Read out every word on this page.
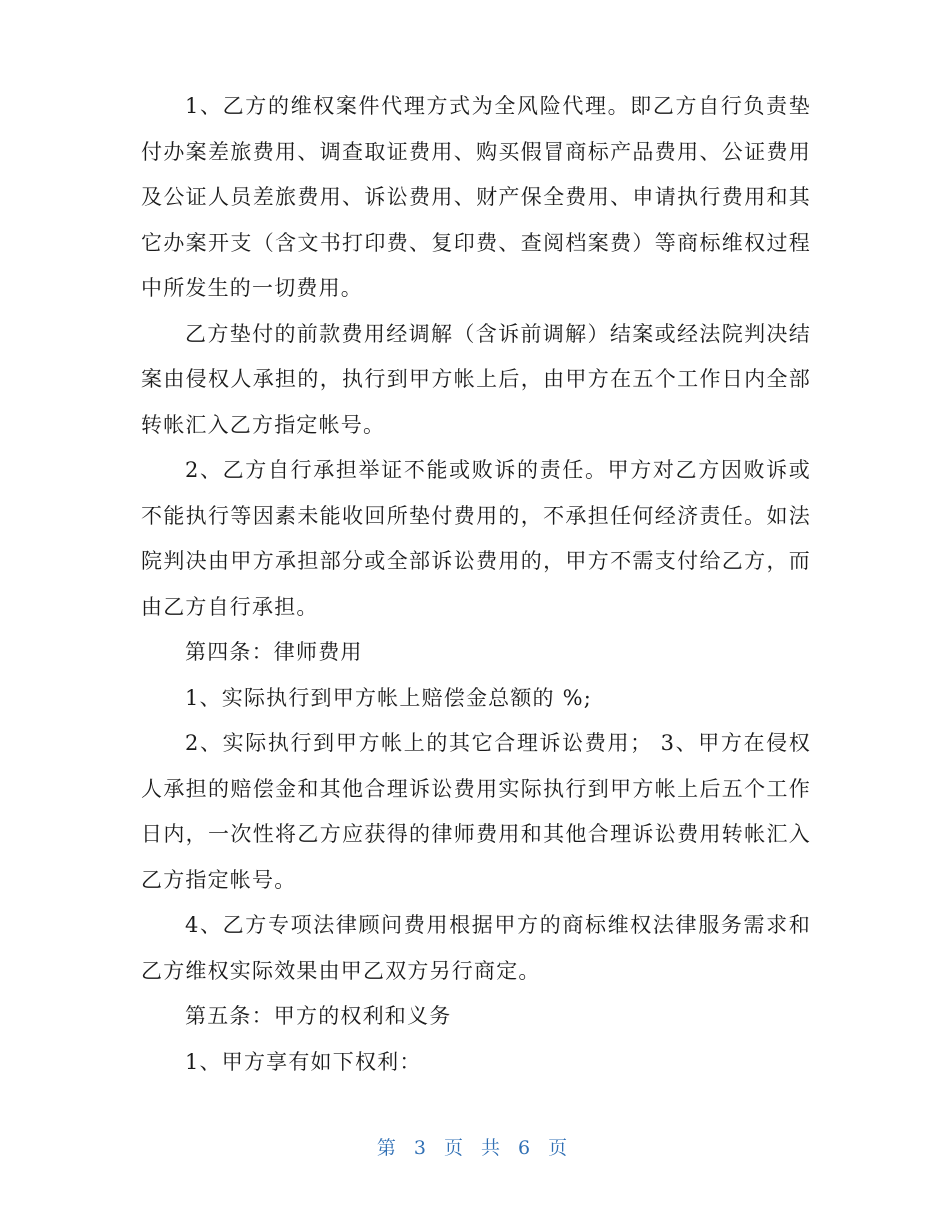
1、乙方的维权案件代理方式为全风险代理。即乙方自行负责垫付办案差旅费用、调查取证费用、购买假冒商标产品费用、公证费用及公证人员差旅费用、诉讼费用、财产保全费用、申请执行费用和其它办案开支（含文书打印费、复印费、查阅档案费）等商标维权过程中所发生的一切费用。

乙方垫付的前款费用经调解（含诉前调解）结案或经法院判决结案由侵权人承担的，执行到甲方帐上后，由甲方在五个工作日内全部转帐汇入乙方指定帐号。

2、乙方自行承担举证不能或败诉的责任。甲方对乙方因败诉或不能执行等因素未能收回所垫付费用的，不承担任何经济责任。如法院判决由甲方承担部分或全部诉讼费用的，甲方不需支付给乙方，而由乙方自行承担。

第四条：律师费用

1、实际执行到甲方帐上赔偿金总额的 %;

2、实际执行到甲方帐上的其它合理诉讼费用； 3、甲方在侵权人承担的赔偿金和其他合理诉讼费用实际执行到甲方帐上后五个工作日内，一次性将乙方应获得的律师费用和其他合理诉讼费用转帐汇入乙方指定帐号。

4、乙方专项法律顾问费用根据甲方的商标维权法律服务需求和乙方维权实际效果由甲乙双方另行商定。

第五条：甲方的权利和义务

1、甲方享有如下权利：

第 3 页 共 6 页
